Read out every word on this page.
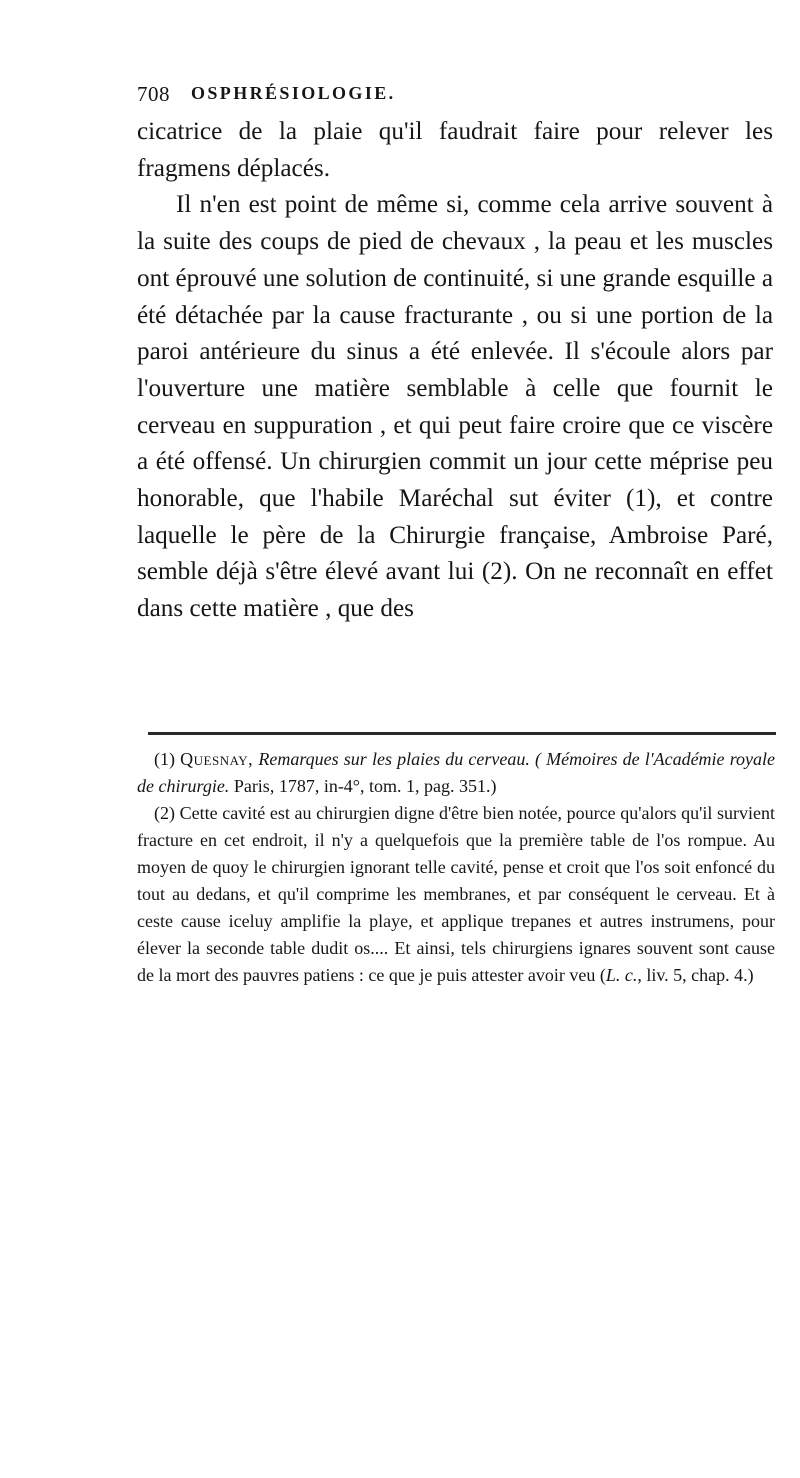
708 OSPHRÉSIOLOGIE.

cicatrice de la plaie qu'il faudrait faire pour relever les fragmens déplacés.

Il n'en est point de même si, comme cela arrive souvent à la suite des coups de pied de chevaux , la peau et les muscles ont éprouvé une solution de continuité, si une grande esquille a été détachée par la cause fracturante , ou si une portion de la paroi antérieure du sinus a été enlevée. Il s'écoule alors par l'ouverture une matière semblable à celle que fournit le cerveau en suppuration , et qui peut faire croire que ce viscère a été offensé. Un chirurgien commit un jour cette méprise peu honorable, que l'habile Maréchal sut éviter (1), et contre laquelle le père de la Chirurgie française, Ambroise Paré, semble déjà s'être élevé avant lui (2). On ne reconnaît en effet dans cette matière , que des

(1) Quesnay, Remarques sur les plaies du cerveau. ( Mémoires de l'Académie royale de chirurgie. Paris, 1787, in-4°, tom. 1, pag. 351.)

(2) Cette cavité est au chirurgien digne d'être bien notée, pource qu'alors qu'il survient fracture en cet endroit, il n'y a quelquefois que la première table de l'os rompue. Au moyen de quoy le chirurgien ignorant telle cavité, pense et croit que l'os soit enfoncé du tout au dedans, et qu'il comprime les membranes, et par conséquent le cerveau. Et à ceste cause iceluy amplifie la playe, et applique trepanes et autres instrumens, pour élever la seconde table dudit os.... Et ainsi, tels chirurgiens ignares souvent sont cause de la mort des pauvres patiens : ce que je puis attester avoir veu (L. c., liv. 5, chap. 4.)
